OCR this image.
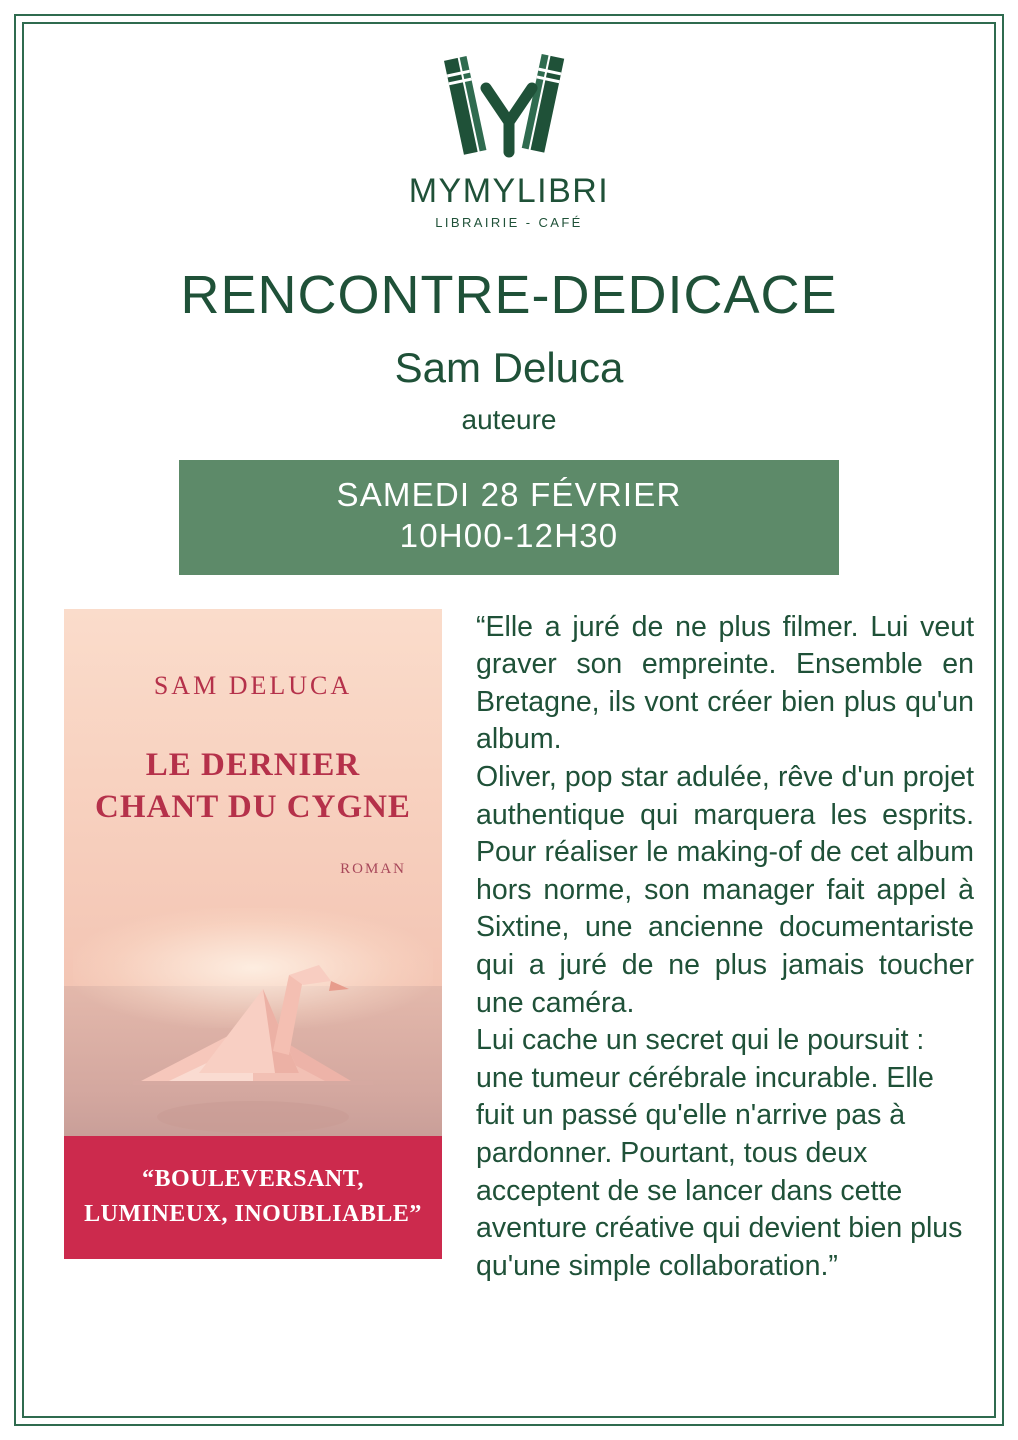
MYMYLIBRI
LIBRAIRIE - CAFÉ
RENCONTRE-DEDICACE
Sam Deluca
auteure
SAMEDI 28 FÉVRIER
10H00-12H30
SAM DELUCA
LE DERNIER
CHANT DU CYGNE
ROMAN
“BOULEVERSANT,
LUMINEUX, INOUBLIABLE”

“Elle a juré de ne plus filmer. Lui veut graver son empreinte. Ensemble en Bretagne, ils vont créer bien plus qu'un album.

Oliver, pop star adulée, rêve d'un projet authentique qui marquera les esprits. Pour réaliser le making-of de cet album hors norme, son manager fait appel à Sixtine, une ancienne documentariste qui a juré de ne plus jamais toucher une caméra.

Lui cache un secret qui le poursuit : une tumeur cérébrale incurable. Elle fuit un passé qu'elle n'arrive pas à pardonner. Pourtant, tous deux acceptent de se lancer dans cette aventure créative qui devient bien plus qu'une simple collaboration.”
